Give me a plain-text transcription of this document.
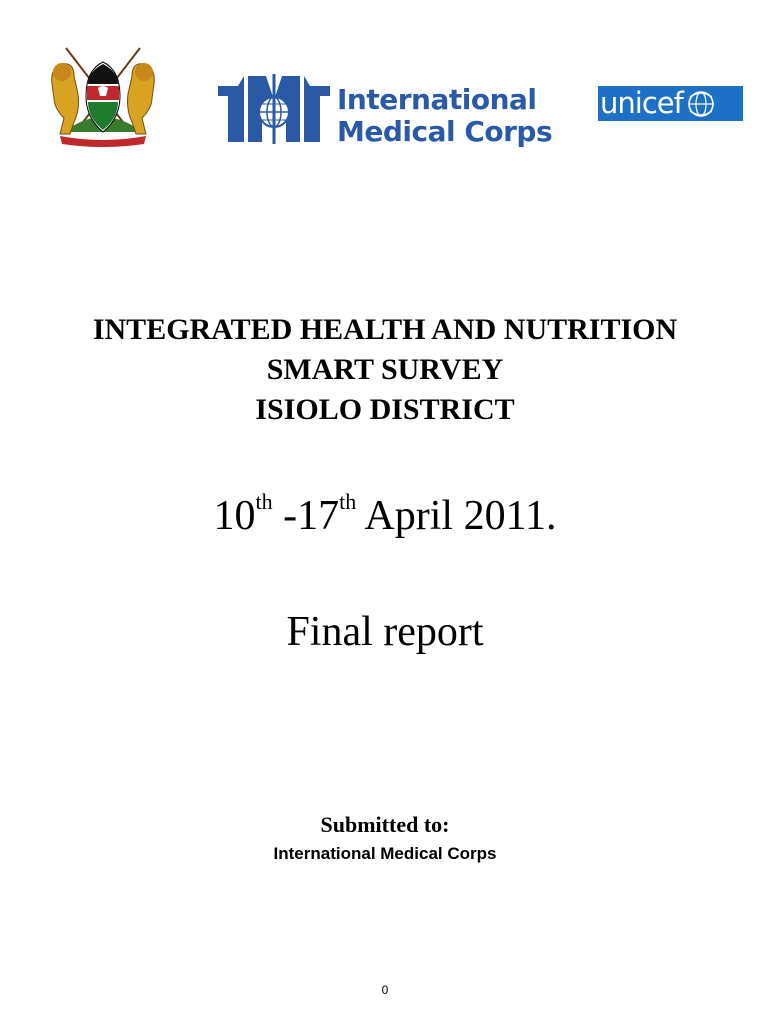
International
Medical Corps
unicef
INTEGRATED HEALTH AND NUTRITION
SMART SURVEY
ISIOLO DISTRICT
10th -17th April 2011.
Final report
Submitted to:
International Medical Corps
0
